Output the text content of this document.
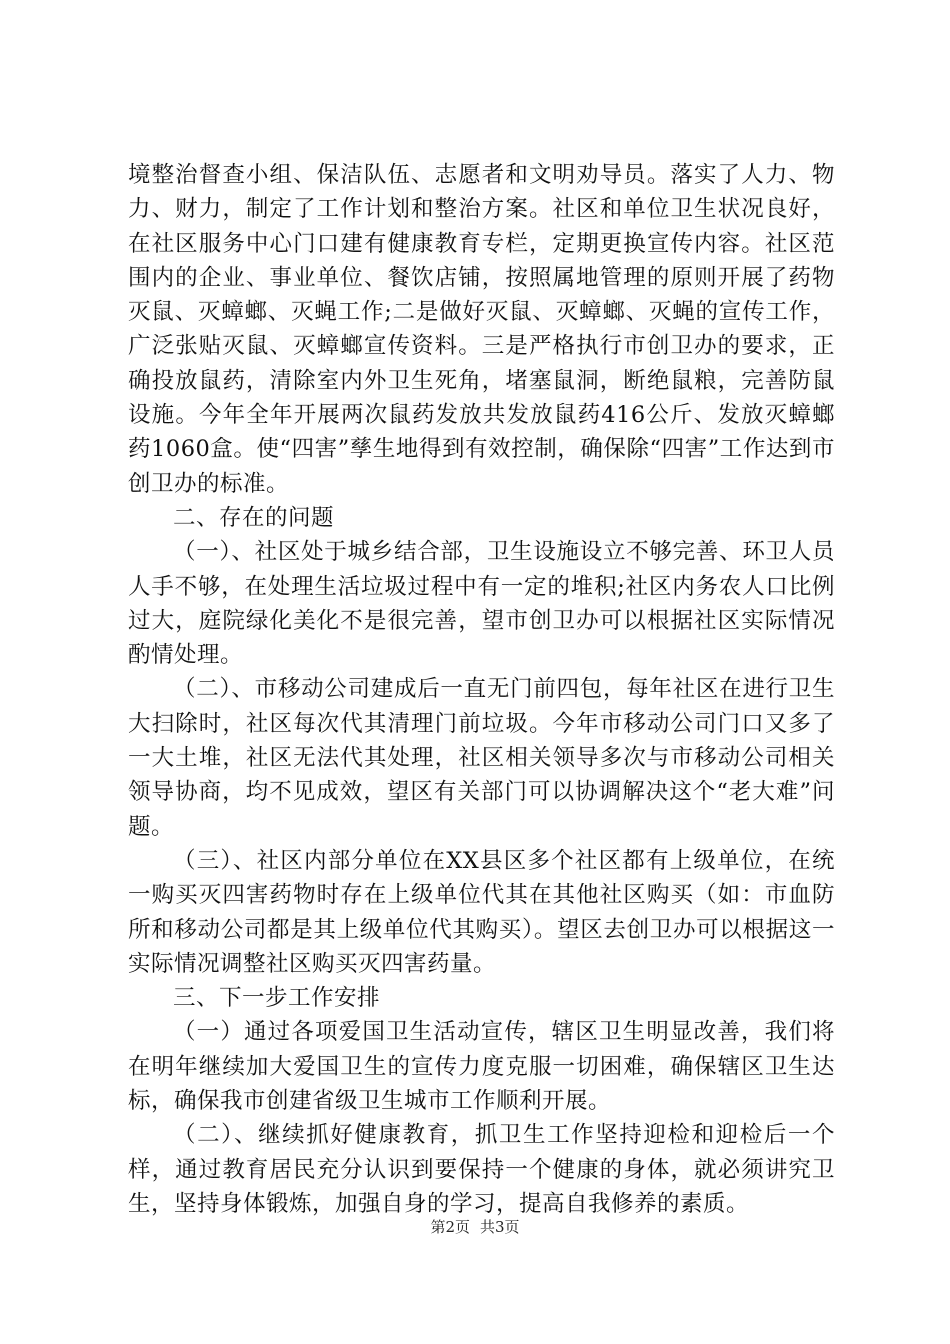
境整治督查小组、保洁队伍、志愿者和文明劝导员。落实了人力、物力、财力，制定了工作计划和整治方案。社区和单位卫生状况良好，在社区服务中心门口建有健康教育专栏，定期更换宣传内容。社区范围内的企业、事业单位、餐饮店铺，按照属地管理的原则开展了药物灭鼠、灭蟑螂、灭蝇工作;二是做好灭鼠、灭蟑螂、灭蝇的宣传工作，广泛张贴灭鼠、灭蟑螂宣传资料。三是严格执行市创卫办的要求，正确投放鼠药，清除室内外卫生死角，堵塞鼠洞，断绝鼠粮，完善防鼠设施。今年全年开展两次鼠药发放共发放鼠药416公斤、发放灭蟑螂药1060盒。使“四害”孳生地得到有效控制，确保除“四害”工作达到市创卫办的标准。

二、存在的问题

（一）、社区处于城乡结合部，卫生设施设立不够完善、环卫人员人手不够，在处理生活垃圾过程中有一定的堆积;社区内务农人口比例过大，庭院绿化美化不是很完善，望市创卫办可以根据社区实际情况酌情处理。

（二）、市移动公司建成后一直无门前四包，每年社区在进行卫生大扫除时，社区每次代其清理门前垃圾。今年市移动公司门口又多了一大土堆，社区无法代其处理，社区相关领导多次与市移动公司相关领导协商，均不见成效，望区有关部门可以协调解决这个“老大难”问题。

（三）、社区内部分单位在XX县区多个社区都有上级单位，在统一购买灭四害药物时存在上级单位代其在其他社区购买（如：市血防所和移动公司都是其上级单位代其购买）。望区去创卫办可以根据这一实际情况调整社区购买灭四害药量。

三、下一步工作安排

（一）通过各项爱国卫生活动宣传，辖区卫生明显改善，我们将在明年继续加大爱国卫生的宣传力度克服一切困难，确保辖区卫生达标，确保我市创建省级卫生城市工作顺利开展。

（二）、继续抓好健康教育，抓卫生工作坚持迎检和迎检后一个样，通过教育居民充分认识到要保持一个健康的身体，就必须讲究卫生，坚持身体锻炼，加强自身的学习，提高自我修养的素质。

第2页 共3页
